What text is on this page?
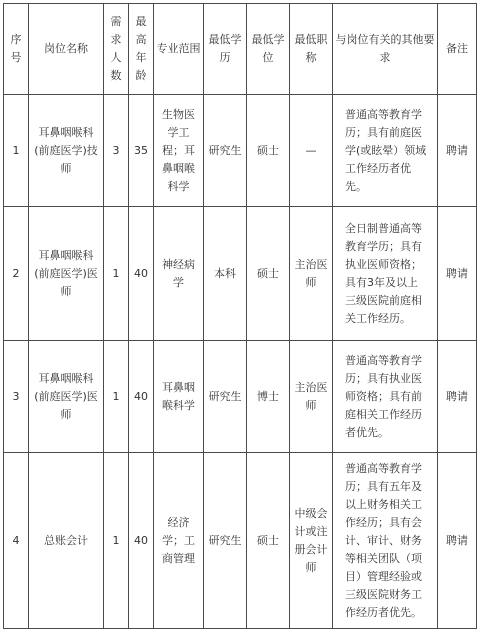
序号	岗位名称	需求人数	最高年龄	专业范围	最低学历	最低学位	最低职称	与岗位有关的其他要求	备注
1	耳鼻咽喉科(前庭医学)技师	3	35	生物医学工程；耳鼻咽喉科学	研究生	硕士	—	普通高等教育学历；具有前庭医学(或眩晕）领域工作经历者优先。	聘请
2	耳鼻咽喉科(前庭医学)医师	1	40	神经病学	本科	硕士	主治医师	全日制普通高等教育学历；具有执业医师资格；具有3年及以上三级医院前庭相关工作经历。	聘请
3	耳鼻咽喉科(前庭医学)医师	1	40	耳鼻咽喉科学	研究生	博士	主治医师	普通高等教育学历；具有执业医师资格；具有前庭相关工作经历者优先。	聘请
4	总账会计	1	40	经济学；工商管理	研究生	硕士	中级会计或注册会计师	普通高等教育学历；具有五年及以上财务相关工作经历；具有会计、审计、财务等相关团队（项目）管理经验或三级医院财务工作经历者优先。	聘请
